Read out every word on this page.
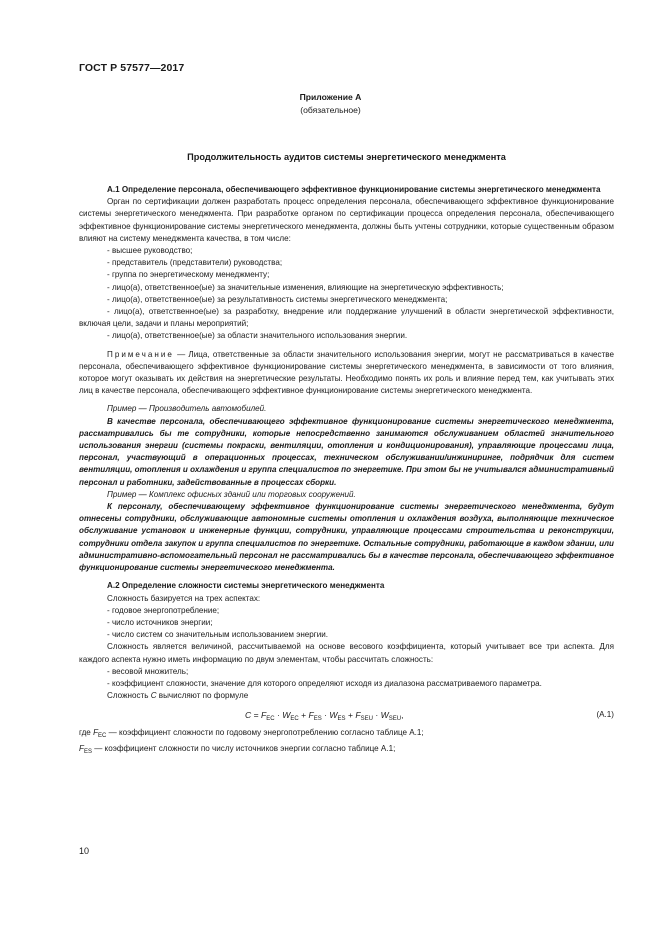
ГОСТ Р 57577—2017
Приложение А
(обязательное)
Продолжительность аудитов системы энергетического менеджмента

А.1 Определение персонала, обеспечивающего эффективное функционирование системы энергетического менеджмента

Орган по сертификации должен разработать процесс определения персонала, обеспечивающего эффективное функционирование системы энергетического менеджмента. При разработке органом по сертификации процесса определения персонала, обеспечивающего эффективное функционирование системы энергетического менеджмента, должны быть учтены сотрудники, которые существенным образом влияют на систему менеджмента качества, в том числе:

- высшее руководство;

- представитель (представители) руководства;

- группа по энергетическому менеджменту;

- лицо(а), ответственное(ые) за значительные изменения, влияющие на энергетическую эффективность;

- лицо(а), ответственное(ые) за результативность системы энергетического менеджмента;

- лицо(а), ответственное(ые) за разработку, внедрение или поддержание улучшений в области энергетической эффективности, включая цели, задачи и планы мероприятий;

- лицо(а), ответственное(ые) за области значительного использования энергии.

Примечание — Лица, ответственные за области значительного использования энергии, могут не рассматриваться в качестве персонала, обеспечивающего эффективное функционирование системы энергетического менеджмента, в зависимости от того влияния, которое могут оказывать их действия на энергетические результаты. Необходимо понять их роль и влияние перед тем, как учитывать этих лиц в качестве персонала, обеспечивающего эффективное функционирование системы энергетического менеджмента.

Пример — Производитель автомобилей.

В качестве персонала, обеспечивающего эффективное функционирование системы энергетического менеджмента, рассматривались бы те сотрудники, которые непосредственно занимаются обслуживанием областей значительного использования энергии (системы покраски, вентиляции, отопления и кондиционирования), управляющие процессами лица, персонал, участвующий в операционных процессах, техническом обслуживании/инжиниринге, подрядчик для систем вентиляции, отопления и охлаждения и группа специалистов по энергетике. При этом бы не учитывался административный персонал и работники, задействованные в процессах сборки.

Пример — Комплекс офисных зданий или торговых сооружений.

К персоналу, обеспечивающему эффективное функционирование системы энергетического менеджмента, будут отнесены сотрудники, обслуживающие автономные системы отопления и охлаждения воздуха, выполняющие техническое обслуживание установок и инженерные функции, сотрудники, управляющие процессами строительства и реконструкции, сотрудники отдела закупок и группа специалистов по энергетике. Остальные сотрудники, работающие в каждом здании, или административно-вспомогательный персонал не рассматривались бы в качестве персонала, обеспечивающего эффективное функционирование системы энергетического менеджмента.

А.2 Определение сложности системы энергетического менеджмента

Сложность базируется на трех аспектах:

- годовое энергопотребление;

- число источников энергии;

- число систем со значительным использованием энергии.

Сложность является величиной, рассчитываемой на основе весового коэффициента, который учитывает все три аспекта. Для каждого аспекта нужно иметь информацию по двум элементам, чтобы рассчитать сложность:

- весовой множитель;

- коэффициент сложности, значение для которого определяют исходя из диалазона рассматриваемого параметра.

Сложность C вычисляют по формуле

$C = F_{EC} \cdot W_{EC} + F_{ES} \cdot W_{ES} + F_{SEU} \cdot W_{SEU}$,	(А.1)

где $F_{EC}$ — коэффициент сложности по годовому энергопотреблению согласно таблице А.1;

$F_{ES}$ — коэффициент сложности по числу источников энергии согласно таблице А.1;

10
